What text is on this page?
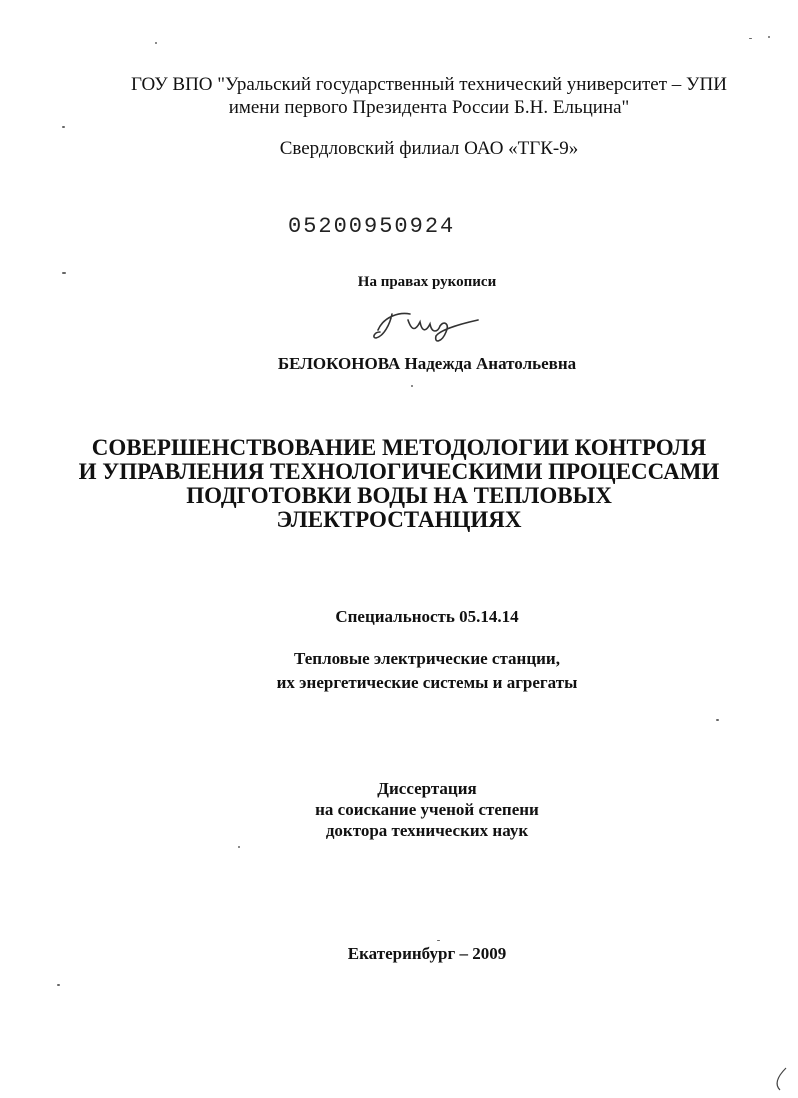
ГОУ ВПО "Уральский государственный технический университет – УПИ
имени первого Президента России Б.Н. Ельцина"
Свердловский филиал ОАО «ТГК-9»
05200950924
На правах рукописи
БЕЛОКОНОВА Надежда Анатольевна
СОВЕРШЕНСТВОВАНИЕ МЕТОДОЛОГИИ КОНТРОЛЯ
И УПРАВЛЕНИЯ ТЕХНОЛОГИЧЕСКИМИ ПРОЦЕССАМИ
ПОДГОТОВКИ ВОДЫ НА ТЕПЛОВЫХ
ЭЛЕКТРОСТАНЦИЯХ
Специальность 05.14.14
Тепловые электрические станции,
их энергетические системы и агрегаты
Диссертация
на соискание ученой степени
доктора технических наук
Екатеринбург – 2009
